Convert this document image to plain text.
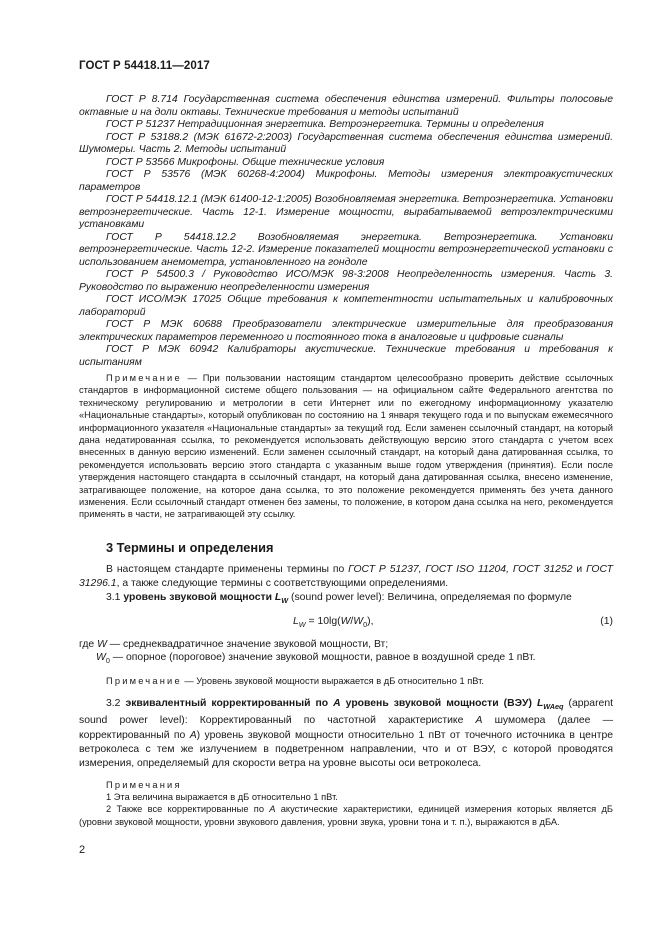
ГОСТ Р 54418.11—2017
ГОСТ Р 8.714 Государственная система обеспечения единства измерений. Фильтры полосовые октавные и на доли октавы. Технические требования и методы испытаний
ГОСТ Р 51237 Нетрадиционная энергетика. Ветроэнергетика. Термины и определения
ГОСТ Р 53188.2 (МЭК 61672-2:2003) Государственная система обеспечения единства измерений. Шумомеры. Часть 2. Методы испытаний
ГОСТ Р 53566 Микрофоны. Общие технические условия
ГОСТ Р 53576 (МЭК 60268-4:2004) Микрофоны. Методы измерения электроакустических параметров
ГОСТ Р 54418.12.1 (МЭК 61400-12-1:2005) Возобновляемая энергетика. Ветроэнергетика. Установки ветроэнергетические. Часть 12-1. Измерение мощности, вырабатываемой ветроэлектрическими установками
ГОСТ Р 54418.12.2 Возобновляемая энергетика. Ветроэнергетика. Установки ветроэнергетические. Часть 12-2. Измерение показателей мощности ветроэнергетической установки с использованием анемометра, установленного на гондоле
ГОСТ Р 54500.3 / Руководство ИСО/МЭК 98-3:2008 Неопределенность измерения. Часть 3. Руководство по выражению неопределенности измерения
ГОСТ ИСО/МЭК 17025 Общие требования к компетентности испытательных и калибровочных лабораторий
ГОСТ Р МЭК 60688 Преобразователи электрические измерительные для преобразования электрических параметров переменного и постоянного тока в аналоговые и цифровые сигналы
ГОСТ Р МЭК 60942 Калибраторы акустические. Технические требования и требования к испытаниям
Примечание — При пользовании настоящим стандартом целесообразно проверить действие ссылочных стандартов в информационной системе общего пользования — на официальном сайте Федерального агентства по техническому регулированию и метрологии в сети Интернет или по ежегодному информационному указателю «Национальные стандарты», который опубликован по состоянию на 1 января текущего года и по выпускам ежемесячного информационного указателя «Национальные стандарты» за текущий год. Если заменен ссылочный стандарт, на который дана недатированная ссылка, то рекомендуется использовать действующую версию этого стандарта с учетом всех внесенных в данную версию изменений. Если заменен ссылочный стандарт, на который дана датированная ссылка, то рекомендуется использовать версию этого стандарта с указанным выше годом утверждения (принятия). Если после утверждения настоящего стандарта в ссылочный стандарт, на который дана датированная ссылка, внесено изменение, затрагивающее положение, на которое дана ссылка, то это положение рекомендуется применять без учета данного изменения. Если ссылочный стандарт отменен без замены, то положение, в котором дана ссылка на него, рекомендуется применять в части, не затрагивающей эту ссылку.
3 Термины и определения
В настоящем стандарте применены термины по ГОСТ Р 51237, ГОСТ ISO 11204, ГОСТ 31252 и ГОСТ 31296.1, а также следующие термины с соответствующими определениями.
3.1 уровень звуковой мощности $L_W$ (sound power level): Величина, определяемая по формуле
$L_W = 10\lg(W/W_0)$,	(1)
где W — среднеквадратичное значение звуковой мощности, Вт;
$W_0$ — опорное (пороговое) значение звуковой мощности, равное в воздушной среде 1 пВт.
Примечание — Уровень звуковой мощности выражается в дБ относительно 1 пВт.
3.2 эквивалентный корректированный по А уровень звуковой мощности (ВЭУ) $L_{WAeq}$ (apparent sound power level): Корректированный по частотной характеристике А шумомера (далее — корректированный по А) уровень звуковой мощности относительно 1 пВт от точечного источника в центре ветроколеса с тем же излучением в подветренном направлении, что и от ВЭУ, с которой проводятся измерения, определяемый для скорости ветра на уровне высоты оси ветроколеса.
Примечания
1 Эта величина выражается в дБ относительно 1 пВт.
2 Также все корректированные по А акустические характеристики, единицей измерения которых является дБ (уровни звуковой мощности, уровни звукового давления, уровни звука, уровни тона и т. п.), выражаются в дБА.
2
